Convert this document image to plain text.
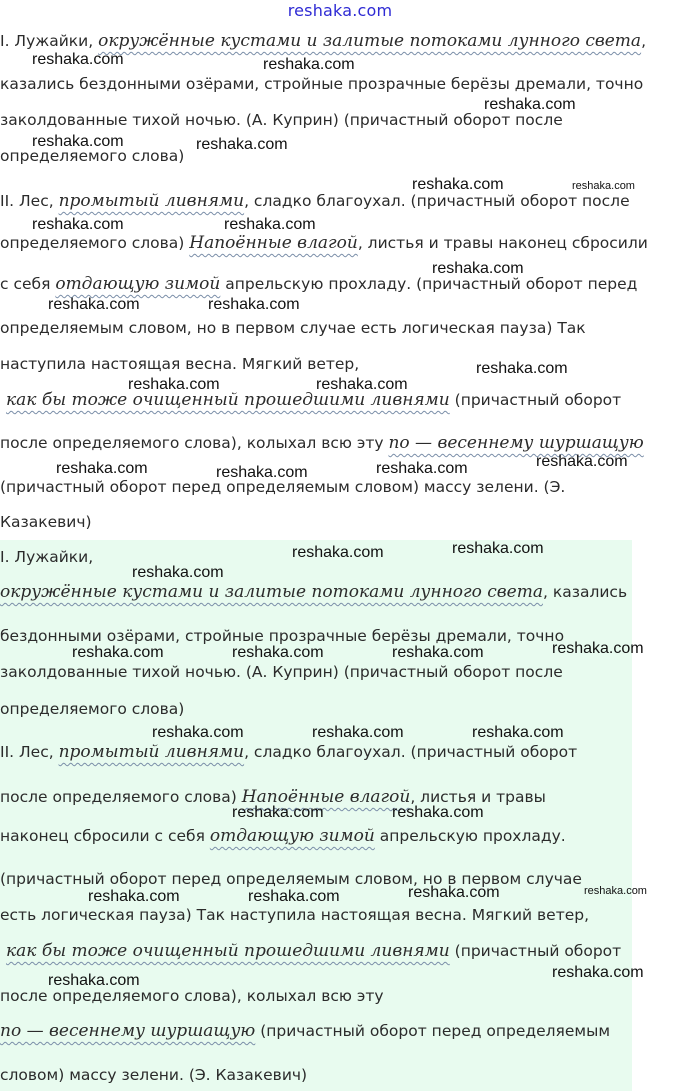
reshaka.com
I. Лужайки, окружённые кустами и залитые потоками лунного света,
казались бездонными озёрами, стройные прозрачные берёзы дремали, точно
заколдованные тихой ночью. (А. Куприн) (причастный оборот после
определяемого слова)
II. Лес, промытый ливнями, сладко благоухал. (причастный оборот после
определяемого слова) Напоённые влагой, листья и травы наконец сбросили
с себя отдающую зимой апрельскую прохладу. (причастный оборот перед
определяемым словом, но в первом случае есть логическая пауза) Так
наступила настоящая весна. Мягкий ветер,
как бы тоже очищенный прошедшими ливнями (причастный оборот
после определяемого слова), колыхал всю эту по — весеннему шуршащую
(причастный оборот перед определяемым словом) массу зелени. (Э.
Казакевич)
I. Лужайки,
окружённые кустами и залитые потоками лунного света, казались
бездонными озёрами, стройные прозрачные берёзы дремали, точно
заколдованные тихой ночью. (А. Куприн) (причастный оборот после
определяемого слова)
II. Лес, промытый ливнями, сладко благоухал. (причастный оборот
после определяемого слова) Напоённые влагой, листья и травы
наконец сбросили с себя отдающую зимой апрельскую прохладу.
(причастный оборот перед определяемым словом, но в первом случае
есть логическая пауза) Так наступила настоящая весна. Мягкий ветер,
как бы тоже очищенный прошедшими ливнями (причастный оборот
после определяемого слова), колыхал всю эту
по — весеннему шуршащую (причастный оборот перед определяемым
словом) массу зелени. (Э. Казакевич)
reshaka.com	reshaka.com
reshaka.com
reshaka.com	reshaka.com
reshaka.com	reshaka.com
reshaka.com	reshaka.com
reshaka.com
reshaka.com	reshaka.com
reshaka.com
reshaka.com	reshaka.com
reshaka.com	reshaka.com	reshaka.com	reshaka.com
reshaka.com	reshaka.com
reshaka.com
reshaka.com	reshaka.com	reshaka.com	reshaka.com
reshaka.com	reshaka.com	reshaka.com
reshaka.com	reshaka.com
reshaka.com	reshaka.com	reshaka.com	reshaka.com
reshaka.com	reshaka.com
